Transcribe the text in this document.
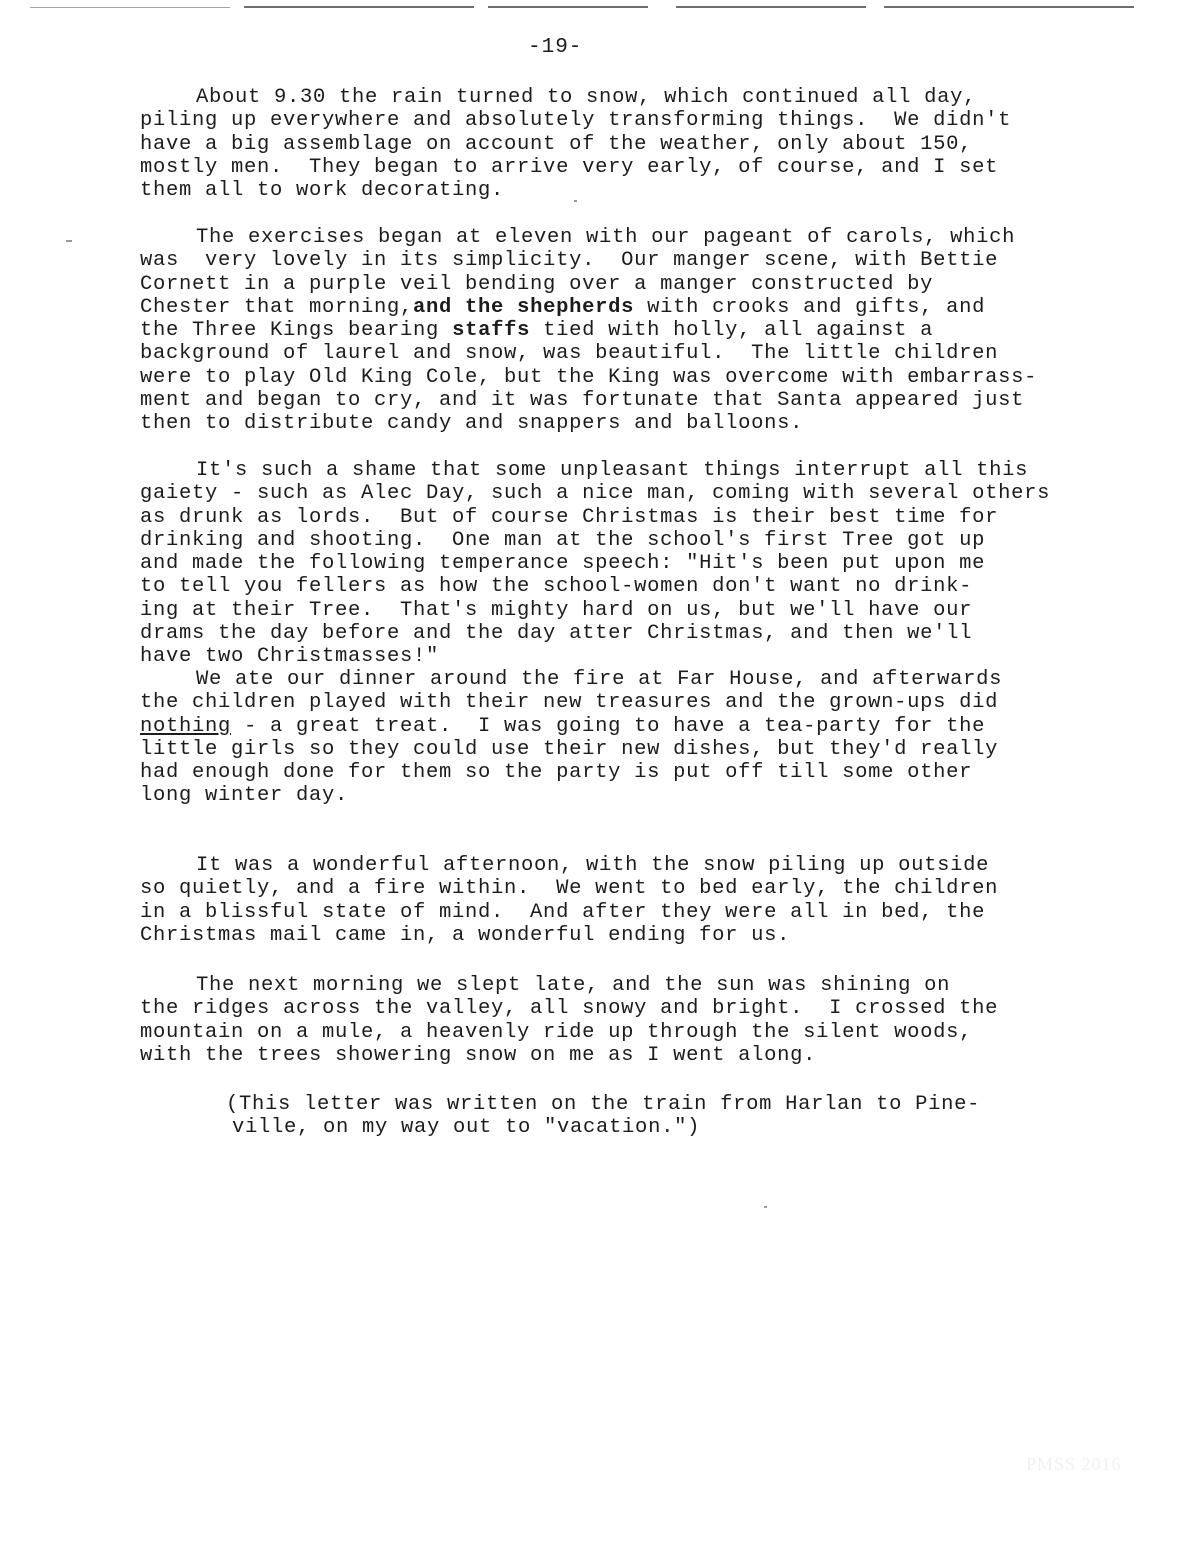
-19-
About 9.30 the rain turned to snow, which continued all day,
piling up everywhere and absolutely transforming things.  We didn't
have a big assemblage on account of the weather, only about 150,
mostly men.  They began to arrive very early, of course, and I set
them all to work decorating.
The exercises began at eleven with our pageant of carols, which
was  very lovely in its simplicity.  Our manger scene, with Bettie
Cornett in a purple veil bending over a manger constructed by
Chester that morning,and the shepherds with crooks and gifts, and
the Three Kings bearing staffs tied with holly, all against a
background of laurel and snow, was beautiful.  The little children
were to play Old King Cole, but the King was overcome with embarrass-
ment and began to cry, and it was fortunate that Santa appeared just
then to distribute candy and snappers and balloons.
It's such a shame that some unpleasant things interrupt all this
gaiety - such as Alec Day, such a nice man, coming with several others
as drunk as lords.  But of course Christmas is their best time for
drinking and shooting.  One man at the school's first Tree got up
and made the following temperance speech: "Hit's been put upon me
to tell you fellers as how the school-women don't want no drink-
ing at their Tree.  That's mighty hard on us, but we'll have our
drams the day before and the day atter Christmas, and then we'll
have two Christmasses!"
We ate our dinner around the fire at Far House, and afterwards
the children played with their new treasures and the grown-ups did
nothing - a great treat.  I was going to have a tea-party for the
little girls so they could use their new dishes, but they'd really
had enough done for them so the party is put off till some other
long winter day.
It was a wonderful afternoon, with the snow piling up outside
so quietly, and a fire within.  We went to bed early, the children
in a blissful state of mind.  And after they were all in bed, the
Christmas mail came in, a wonderful ending for us.
The next morning we slept late, and the sun was shining on
the ridges across the valley, all snowy and bright.  I crossed the
mountain on a mule, a heavenly ride up through the silent woods,
with the trees showering snow on me as I went along.
(This letter was written on the train from Harlan to Pine-
ville, on my way out to "vacation.")
PMSS 2016
